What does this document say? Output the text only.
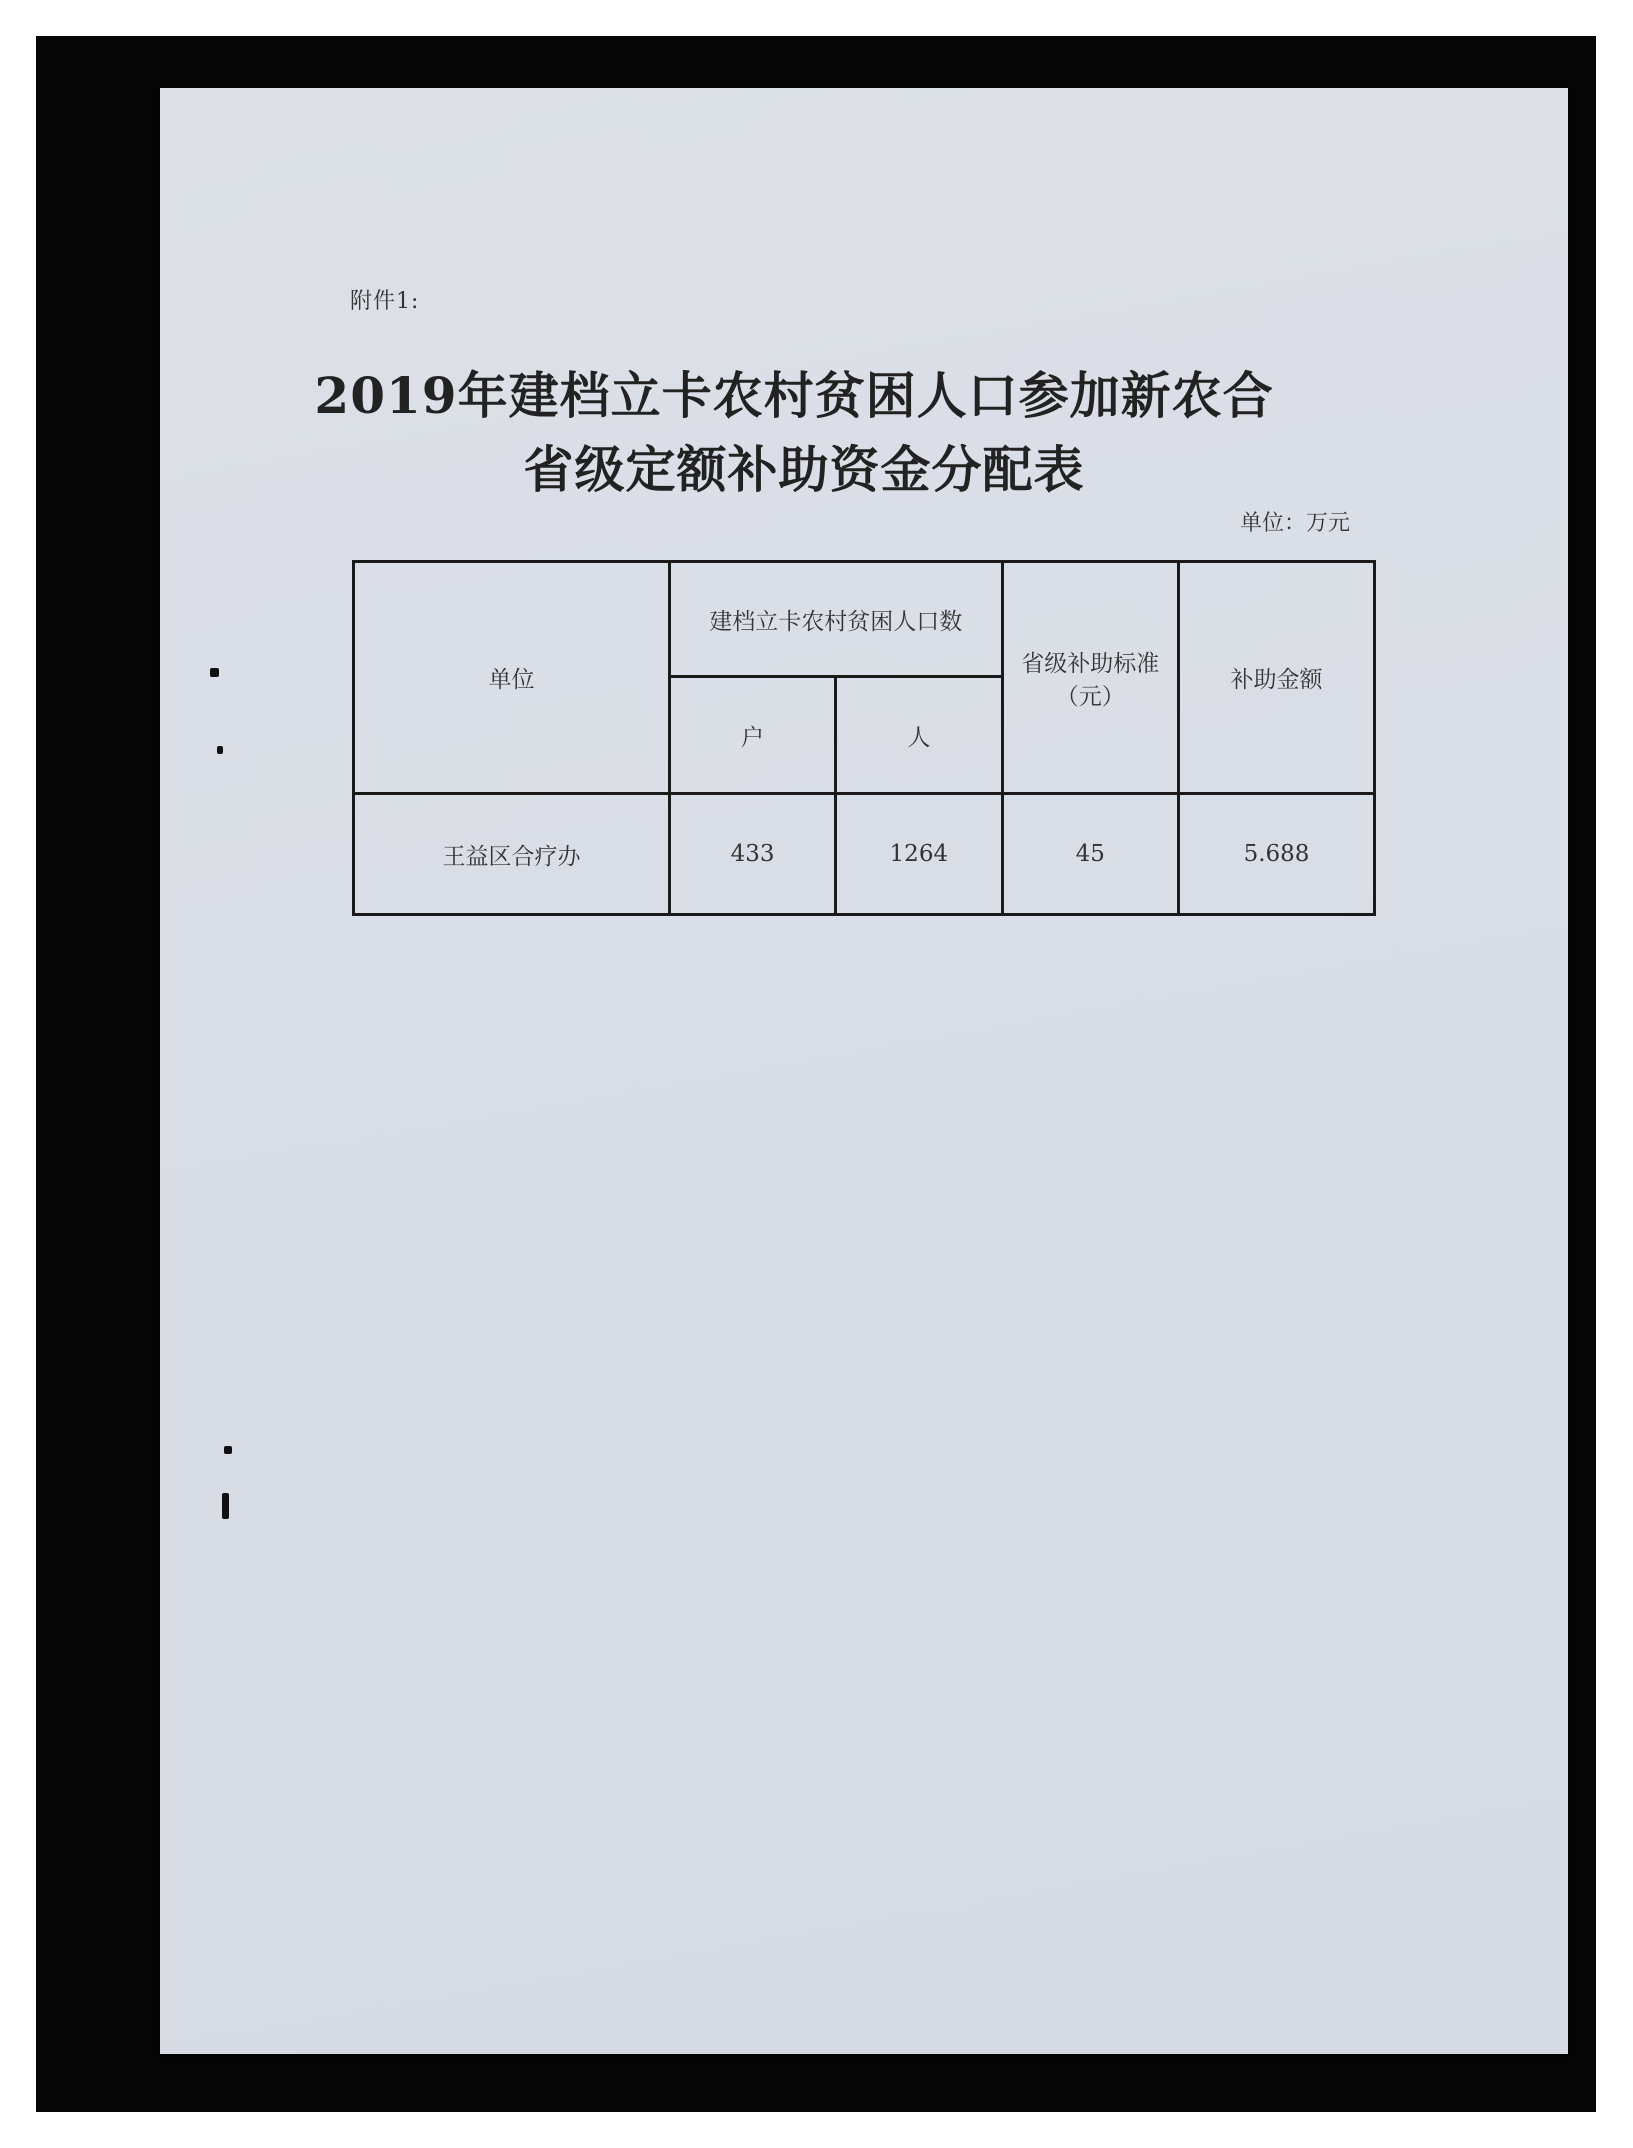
附件1:
2019年建档立卡农村贫困人口参加新农合
省级定额补助资金分配表
单位：万元
单位	建档立卡农村贫困人口数		省级补助标准（元）	补助金额
	户	人		
王益区合疗办	433	1264	45	5.688
